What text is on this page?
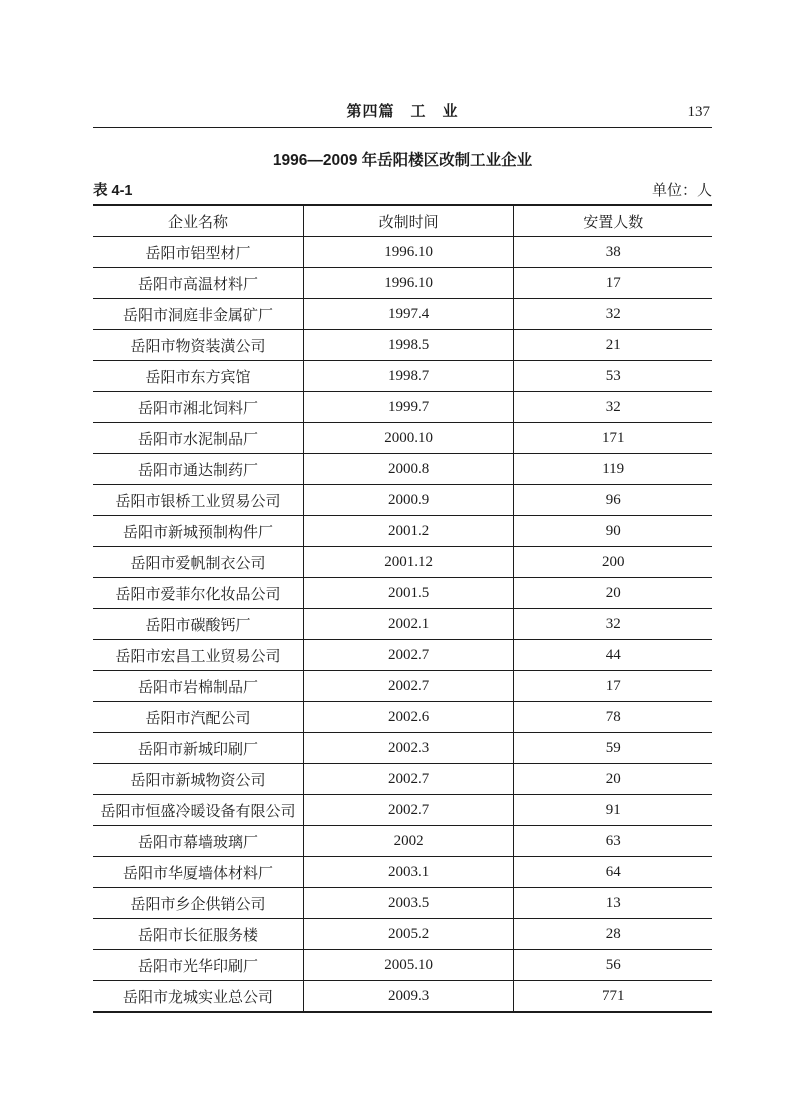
第四篇　工　业	137
1996—2009 年岳阳楼区改制工业企业
表 4-1	单位：人
企业名称	改制时间	安置人数
岳阳市铝型材厂	1996.10	38
岳阳市高温材料厂	1996.10	17
岳阳市洞庭非金属矿厂	1997.4	32
岳阳市物资装潢公司	1998.5	21
岳阳市东方宾馆	1998.7	53
岳阳市湘北饲料厂	1999.7	32
岳阳市水泥制品厂	2000.10	171
岳阳市通达制药厂	2000.8	119
岳阳市银桥工业贸易公司	2000.9	96
岳阳市新城预制构件厂	2001.2	90
岳阳市爱帆制衣公司	2001.12	200
岳阳市爱菲尔化妆品公司	2001.5	20
岳阳市碳酸钙厂	2002.1	32
岳阳市宏昌工业贸易公司	2002.7	44
岳阳市岩棉制品厂	2002.7	17
岳阳市汽配公司	2002.6	78
岳阳市新城印刷厂	2002.3	59
岳阳市新城物资公司	2002.7	20
岳阳市恒盛冷暖设备有限公司	2002.7	91
岳阳市幕墙玻璃厂	2002	63
岳阳市华厦墙体材料厂	2003.1	64
岳阳市乡企供销公司	2003.5	13
岳阳市长征服务楼	2005.2	28
岳阳市光华印刷厂	2005.10	56
岳阳市龙城实业总公司	2009.3	771
